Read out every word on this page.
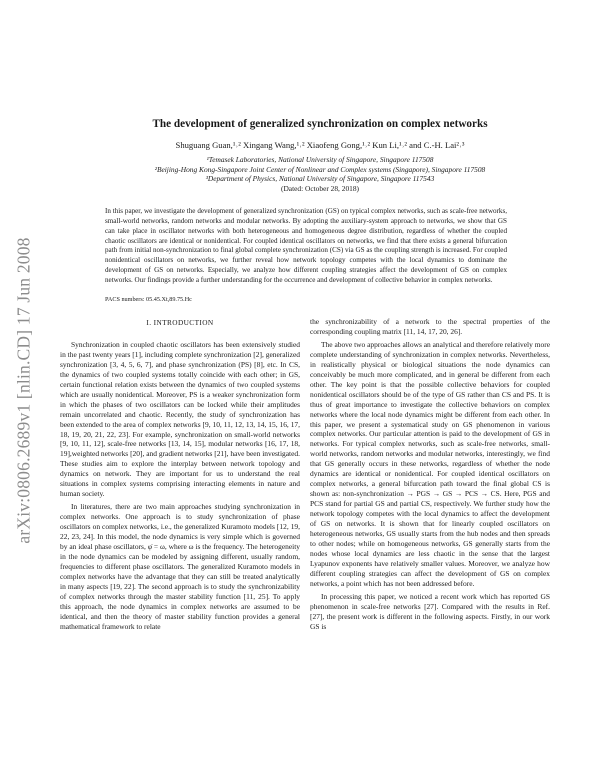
arXiv:0806.2689v1 [nlin.CD] 17 Jun 2008
The development of generalized synchronization on complex networks
Shuguang Guan,¹˒² Xingang Wang,¹˒² Xiaofeng Gong,¹˒² Kun Li,¹˒² and C.-H. Lai²˒³
¹Temasek Laboratories, National University of Singapore, Singapore 117508
²Beijing-Hong Kong-Singapore Joint Center of Nonlinear and Complex systems (Singapore), Singapore 117508
³Department of Physics, National University of Singapore, Singapore 117543
(Dated: October 28, 2018)

In this paper, we investigate the development of generalized synchronization (GS) on typical complex networks, such as scale-free networks, small-world networks, random networks and modular networks. By adopting the auxiliary-system approach to networks, we show that GS can take place in oscillator networks with both heterogeneous and homogeneous degree distribution, regardless of whether the coupled chaotic oscillators are identical or nonidentical. For coupled identical oscillators on networks, we find that there exists a general bifurcation path from initial non-synchronization to final global complete synchronization (CS) via GS as the coupling strength is increased. For coupled nonidentical oscillators on networks, we further reveal how network topology competes with the local dynamics to dominate the development of GS on networks. Especially, we analyze how different coupling strategies affect the development of GS on complex networks. Our findings provide a further understanding for the occurrence and development of collective behavior in complex networks.

PACS numbers: 05.45.Xt,89.75.Hc
I. INTRODUCTION

Synchronization in coupled chaotic oscillators has been extensively studied in the past twenty years [1], including complete synchronization [2], generalized synchronization [3, 4, 5, 6, 7], and phase synchronization (PS) [8], etc. In CS, the dynamics of two coupled systems totally coincide with each other; in GS, certain functional relation exists between the dynamics of two coupled systems which are usually nonidentical. Moreover, PS is a weaker synchronization form in which the phases of two oscillators can be locked while their amplitudes remain uncorrelated and chaotic. Recently, the study of synchronization has been extended to the area of complex networks [9, 10, 11, 12, 13, 14, 15, 16, 17, 18, 19, 20, 21, 22, 23]. For example, synchronization on small-world networks [9, 10, 11, 12], scale-free networks [13, 14, 15], modular networks [16, 17, 18, 19],weighted networks [20], and gradient networks [21], have been investigated. These studies aim to explore the interplay between network topology and dynamics on network. They are important for us to understand the real situations in complex systems comprising interacting elements in nature and human society.

In literatures, there are two main approaches studying synchronization in complex networks. One approach is to study synchronization of phase oscillators on complex networks, i.e., the generalized Kuramoto models [12, 19, 22, 23, 24]. In this model, the node dynamics is very simple which is governed by an ideal phase oscillators, φ̇ = ω, where ω is the frequency. The heterogeneity in the node dynamics can be modeled by assigning different, usually random, frequencies to different phase oscillators. The generalized Kuramoto models in complex networks have the advantage that they can still be treated analytically in many aspects [19, 22]. The second approach is to study the synchronizability of complex networks through the master stability function [11, 25]. To apply this approach, the node dynamics in complex networks are assumed to be identical, and then the theory of master stability function provides a general mathematical framework to relate

the synchronizability of a network to the spectral properties of the corresponding coupling matrix [11, 14, 17, 20, 26].

The above two approaches allows an analytical and therefore relatively more complete understanding of synchronization in complex networks. Nevertheless, in realistically physical or biological situations the node dynamics can conceivably be much more complicated, and in general be different from each other. The key point is that the possible collective behaviors for coupled nonidentical oscillators should be of the type of GS rather than CS and PS. It is thus of great importance to investigate the collective behaviors on complex networks where the local node dynamics might be different from each other. In this paper, we present a systematical study on GS phenomenon in various complex networks. Our particular attention is paid to the development of GS in networks. For typical complex networks, such as scale-free networks, small-world networks, random networks and modular networks, interestingly, we find that GS generally occurs in these networks, regardless of whether the node dynamics are identical or nonidentical. For coupled identical oscillators on complex networks, a general bifurcation path toward the final global CS is shown as: non-synchronization → PGS → GS → PCS → CS. Here, PGS and PCS stand for partial GS and partial CS, respectively. We further study how the network topology competes with the local dynamics to affect the development of GS on networks. It is shown that for linearly coupled oscillators on heterogeneous networks, GS usually starts from the hub nodes and then spreads to other nodes; while on homogeneous networks, GS generally starts from the nodes whose local dynamics are less chaotic in the sense that the largest Lyapunov exponents have relatively smaller values. Moreover, we analyze how different coupling strategies can affect the development of GS on complex networks, a point which has not been addressed before.

In processing this paper, we noticed a recent work which has reported GS phenomenon in scale-free networks [27]. Compared with the results in Ref. [27], the present work is different in the following aspects. Firstly, in our work GS is
